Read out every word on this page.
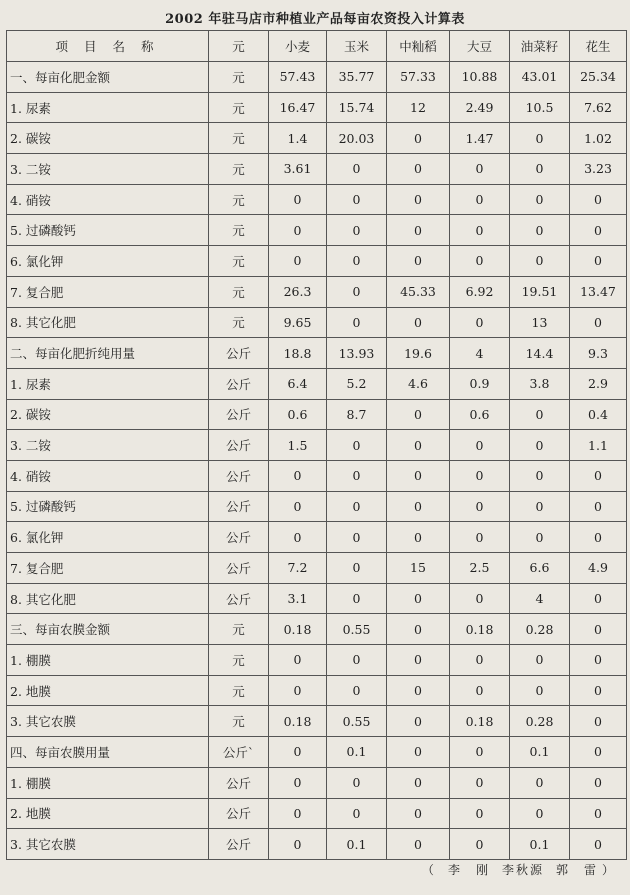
2002 年驻马店市种植业产品每亩农资投入计算表
项 目 名 称	元	小麦	玉米	中籼稻	大豆	油菜籽	花生
一、每亩化肥金额	元	57.43	35.77	57.33	10.88	43.01	25.34
1. 尿素	元	16.47	15.74	12	2.49	10.5	7.62
2. 碳铵	元	1.4	20.03	0	1.47	0	1.02
3. 二铵	元	3.61	0	0	0	0	3.23
4. 硝铵	元	0	0	0	0	0	0
5. 过磷酸钙	元	0	0	0	0	0	0
6. 氯化钾	元	0	0	0	0	0	0
7. 复合肥	元	26.3	0	45.33	6.92	19.51	13.47
8. 其它化肥	元	9.65	0	0	0	13	0
二、每亩化肥折纯用量	公斤	18.8	13.93	19.6	4	14.4	9.3
1. 尿素	公斤	6.4	5.2	4.6	0.9	3.8	2.9
2. 碳铵	公斤	0.6	8.7	0	0.6	0	0.4
3. 二铵	公斤	1.5	0	0	0	0	1.1
4. 硝铵	公斤	0	0	0	0	0	0
5. 过磷酸钙	公斤	0	0	0	0	0	0
6. 氯化钾	公斤	0	0	0	0	0	0
7. 复合肥	公斤	7.2	0	15	2.5	6.6	4.9
8. 其它化肥	公斤	3.1	0	0	0	4	0
三、每亩农膜金额	元	0.18	0.55	0	0.18	0.28	0
1. 棚膜	元	0	0	0	0	0	0
2. 地膜	元	0	0	0	0	0	0
3. 其它农膜	元	0.18	0.55	0	0.18	0.28	0
四、每亩农膜用量	公斤`	0	0.1	0	0	0.1	0
1. 棚膜	公斤	0	0	0	0	0	0
2. 地膜	公斤	0	0	0	0	0	0
3. 其它农膜	公斤	0	0.1	0	0	0.1	0
（ 李　刚 李秋源 郭　雷 ）
